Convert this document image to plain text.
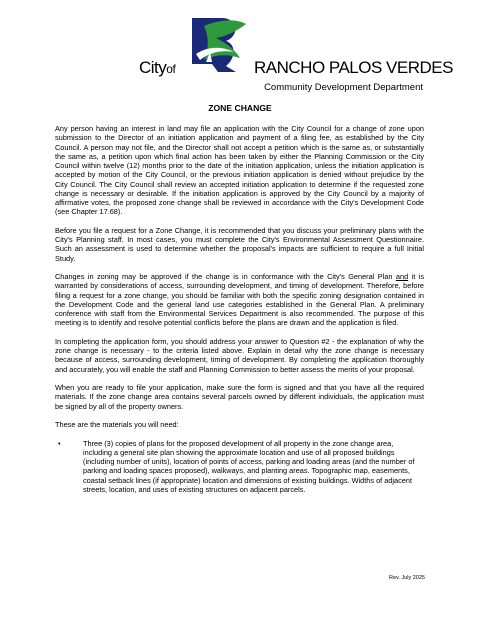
Cityof	RANCHO PALOS VERDES
Community Development Department
ZONE CHANGE

Any person having an interest in land may file an application with the City Council for a change of zone upon submission to the Director of an initiation application and payment of a filing fee, as established by the City Council. A person may not file, and the Director shall not accept a petition which is the same as, or substantially the same as, a petition upon which final action has been taken by either the Planning Commission or the City Council within twelve (12) months prior to the date of the initiation application, unless the initiation application is accepted by motion of the City Council, or the previous initiation application is denied without prejudice by the City Council. The City Council shall review an accepted initiation application to determine if the requested zone change is necessary or desirable. If the initiation application is approved by the City Council by a majority of affirmative votes, the proposed zone change shall be reviewed in accordance with the City's Development Code (see Chapter 17.68).

Before you file a request for a Zone Change, it is recommended that you discuss your preliminary plans with the City's Planning staff. In most cases, you must complete the City's Environmental Assessment Questionnaire. Such an assessment is used to determine whether the proposal's impacts are sufficient to require a full Initial Study.

Changes in zoning may be approved if the change is in conformance with the City's General Plan and it is warranted by considerations of access, surrounding development, and timing of development. Therefore, before filing a request for a zone change, you should be familiar with both the specific zoning designation contained in the Development Code and the general land use categories established in the General Plan. A preliminary conference with staff from the Environmental Services Department is also recommended. The purpose of this meeting is to identify and resolve potential conflicts before the plans are drawn and the application is filed.

In completing the application form, you should address your answer to Question #2 - the explanation of why the zone change is necessary - to the criteria listed above. Explain in detail why the zone change is necessary because of access, surrounding development, timing of development. By completing the application thoroughly and accurately, you will enable the staff and Planning Commission to better assess the merits of your proposal.

When you are ready to file your application, make sure the form is signed and that you have all the required materials. If the zone change area contains several parcels owned by different individuals, the application must be signed by all of the property owners.

These are the materials you will need:

•	Three (3) copies of plans for the proposed development of all property in the zone change area, including a general site plan showing the approximate location and use of all proposed buildings (including number of units), location of points of access, parking and loading areas (and the number of parking and loading spaces proposed), walkways, and planting areas. Topographic map, easements, coastal setback lines (if appropriate) location and dimensions of existing buildings. Widths of adjacent streets, location, and uses of existing structures on adjacent parcels.
Rev. July 2025
